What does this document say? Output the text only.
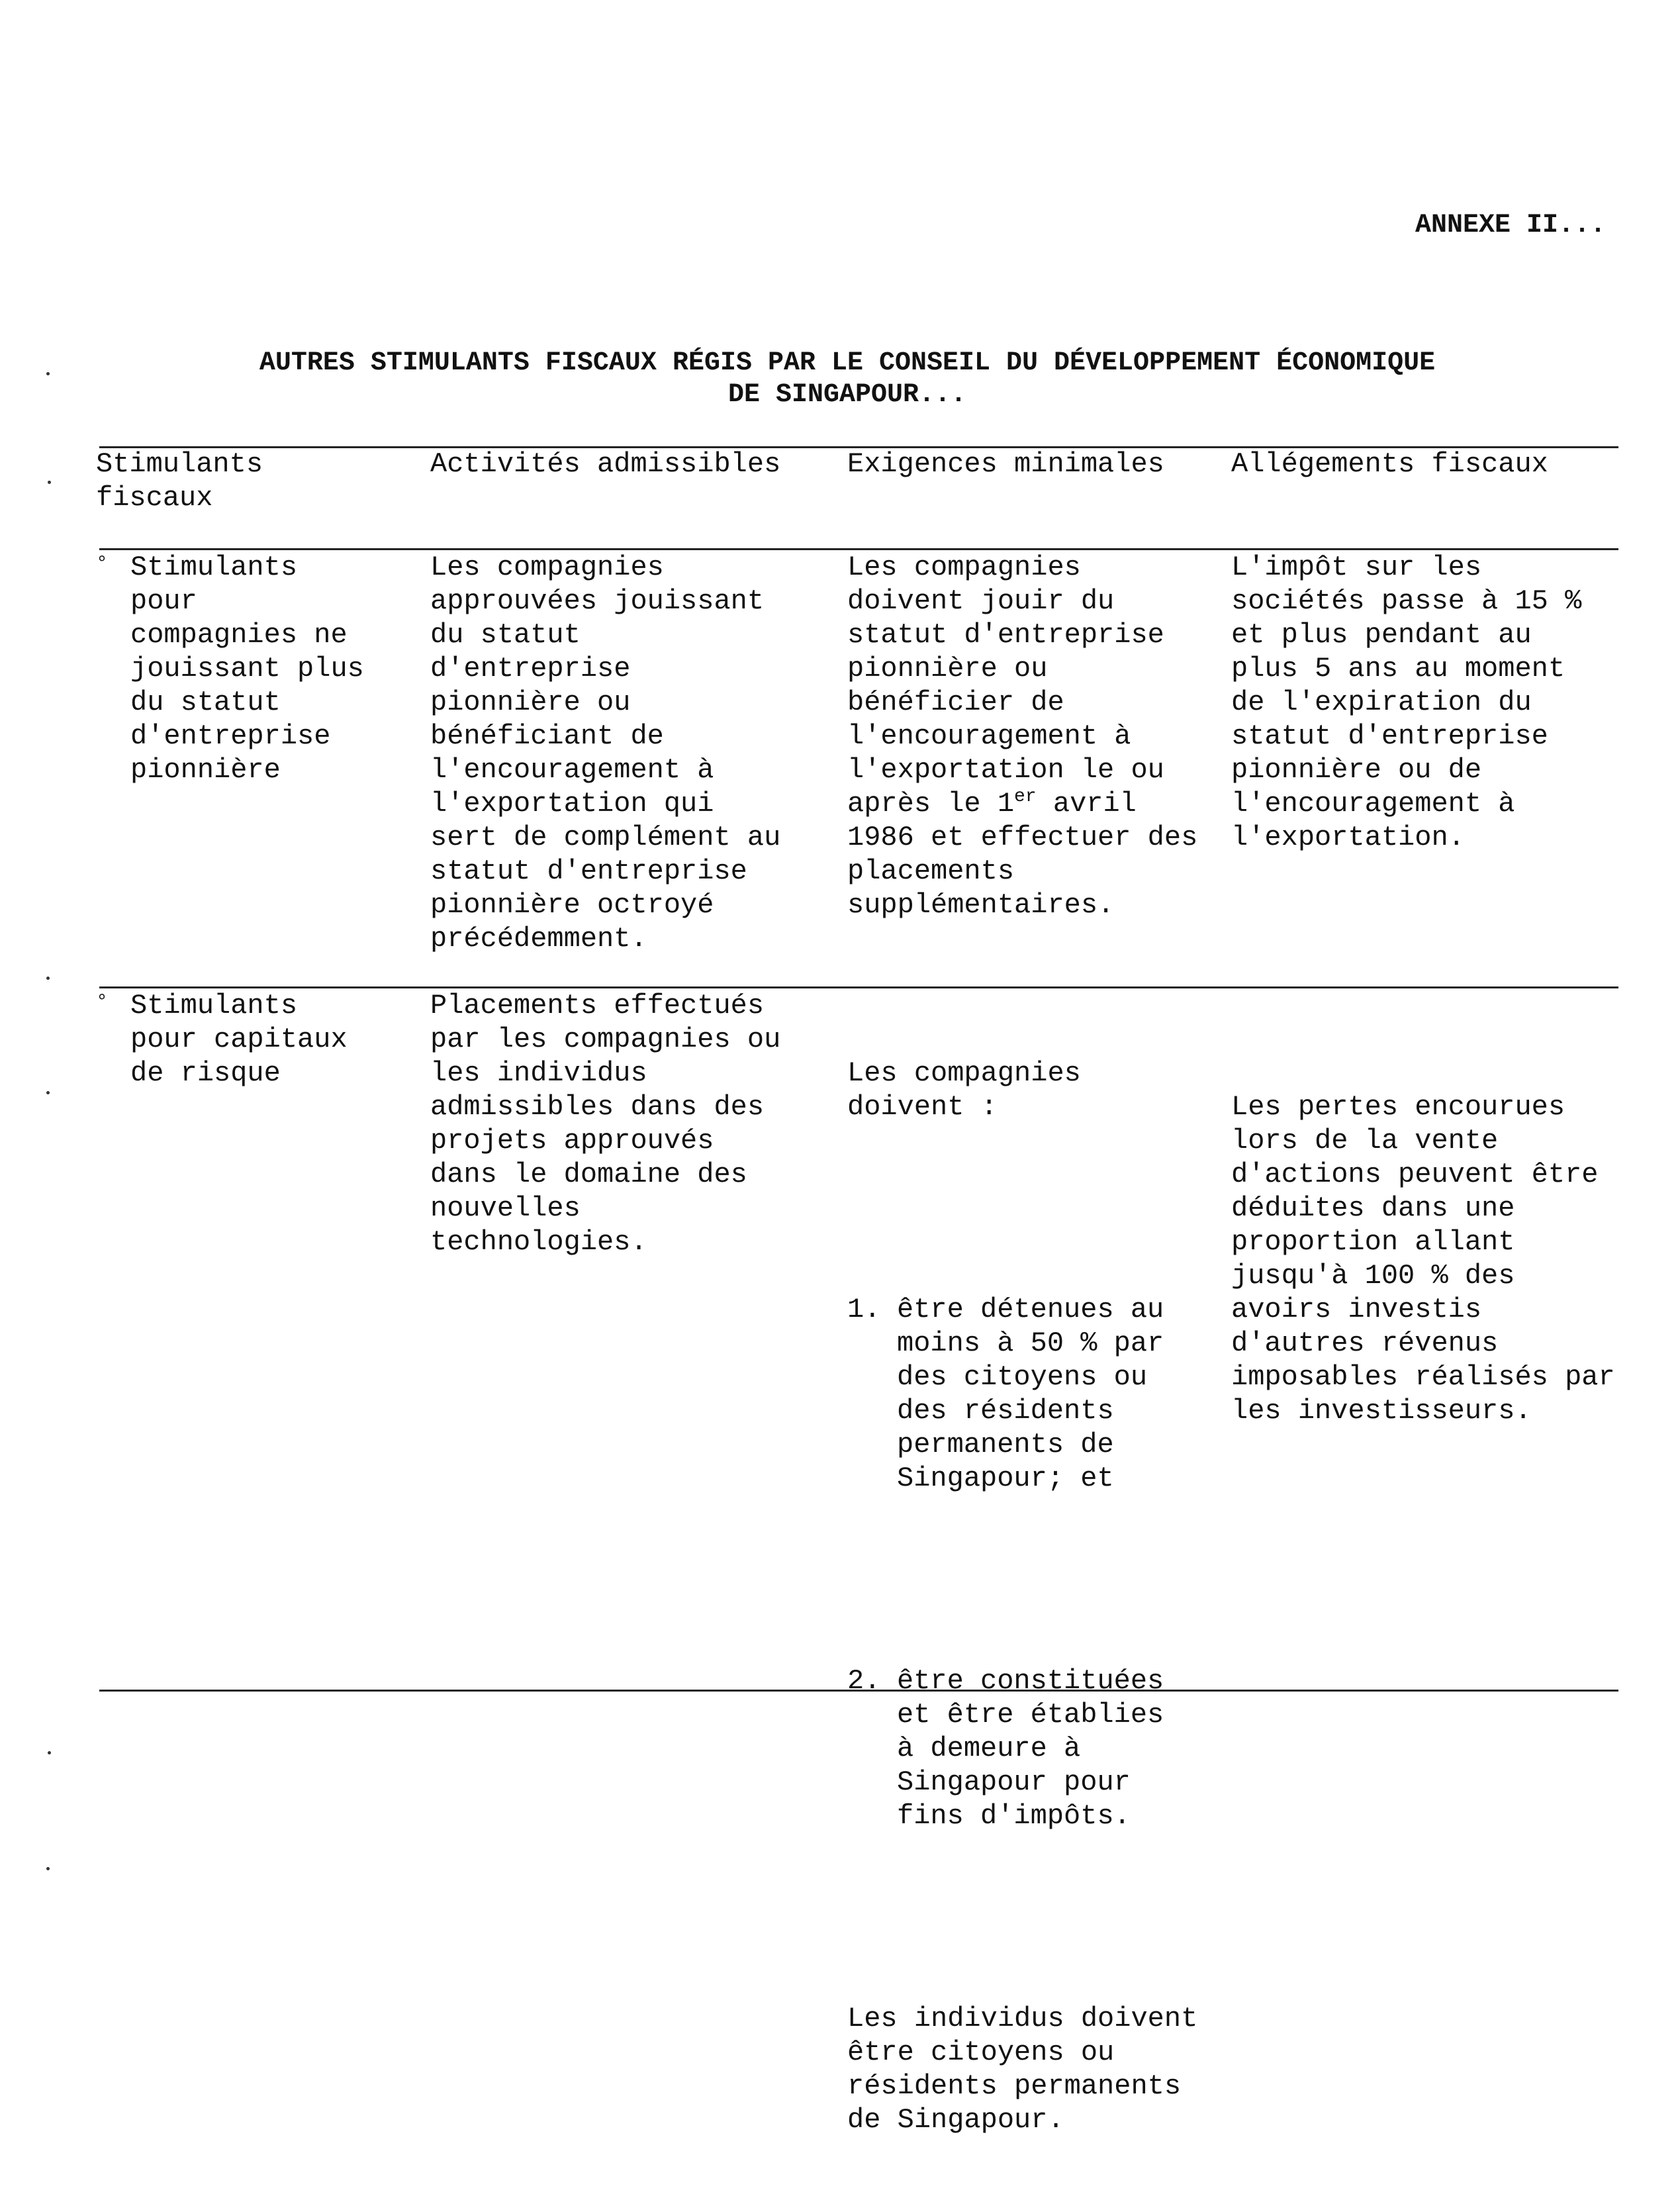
ANNEXE II...
AUTRES STIMULANTS FISCAUX RÉGIS PAR LE CONSEIL DU DÉVELOPPEMENT ÉCONOMIQUE
DE SINGAPOUR...
Stimulants
fiscaux
Activités admissibles	Exigences minimales	Allégements fiscaux
° Stimulants
pour
compagnies ne
jouissant plus
du statut
d'entreprise
pionnière
Les compagnies
approuvées jouissant
du statut
d'entreprise
pionnière ou
bénéficiant de
l'encouragement à
l'exportation qui
sert de complément au
statut d'entreprise
pionnière octroyé
précédemment.
Les compagnies
doivent jouir du
statut d'entreprise
pionnière ou
bénéficier de
l'encouragement à
l'exportation le ou
après le 1er avril
1986 et effectuer des
placements
supplémentaires.
L'impôt sur les
sociétés passe à 15 %
et plus pendant au
plus 5 ans au moment
de l'expiration du
statut d'entreprise
pionnière ou de
l'encouragement à
l'exportation.
° Stimulants
pour capitaux
de risque
Placements effectués
par les compagnies ou
les individus
admissibles dans des
projets approuvés
dans le domaine des
nouvelles
technologies.

Les compagnies
doivent :

1. être détenues au
moins à 50 % par
des citoyens ou
des résidents
permanents de
Singapour; et

2. être constituées
et être établies
à demeure à
Singapour pour
fins d'impôts.

Les individus doivent
être citoyens ou
résidents permanents
de Singapour.

Les pertes encourues
lors de la vente
d'actions peuvent être
déduites dans une
proportion allant
jusqu'à 100 % des
avoirs investis
d'autres révenus
imposables réalisés par
les investisseurs.
